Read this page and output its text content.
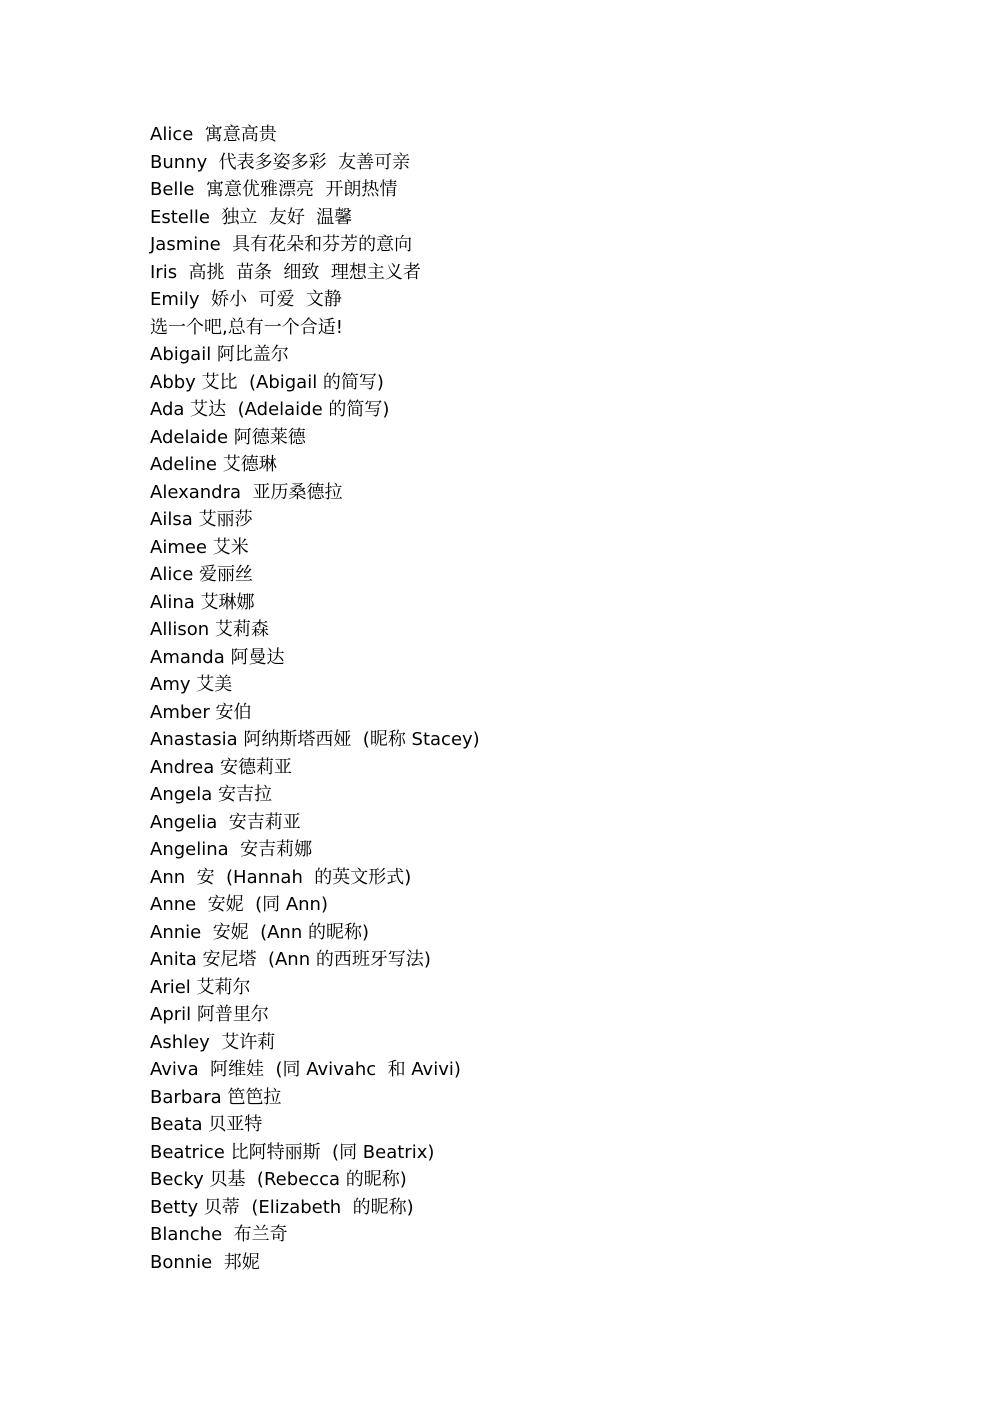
Alice  寓意高贵
Bunny  代表多姿多彩  友善可亲
Belle  寓意优雅漂亮  开朗热情
Estelle  独立  友好  温馨
Jasmine  具有花朵和芬芳的意向
Iris  高挑  苗条  细致  理想主义者
Emily  娇小  可爱  文静
选一个吧,总有一个合适!
Abigail 阿比盖尔
Abby 艾比  (Abigail 的简写)
Ada 艾达  (Adelaide 的简写)
Adelaide 阿德莱德
Adeline 艾德琳
Alexandra  亚历桑德拉
Ailsa 艾丽莎
Aimee 艾米
Alice 爱丽丝
Alina 艾琳娜
Allison 艾莉森
Amanda 阿曼达
Amy 艾美
Amber 安伯
Anastasia 阿纳斯塔西娅  (昵称 Stacey)
Andrea 安德莉亚
Angela 安吉拉
Angelia  安吉莉亚
Angelina  安吉莉娜
Ann  安  (Hannah  的英文形式)
Anne  安妮  (同 Ann)
Annie  安妮  (Ann 的昵称)
Anita 安尼塔  (Ann 的西班牙写法)
Ariel 艾莉尔
April 阿普里尔
Ashley  艾许莉
Aviva  阿维娃  (同 Avivahc  和 Avivi)
Barbara 笆笆拉
Beata 贝亚特
Beatrice 比阿特丽斯  (同 Beatrix)
Becky 贝基  (Rebecca 的昵称)
Betty 贝蒂  (Elizabeth  的昵称)
Blanche  布兰奇
Bonnie  邦妮
